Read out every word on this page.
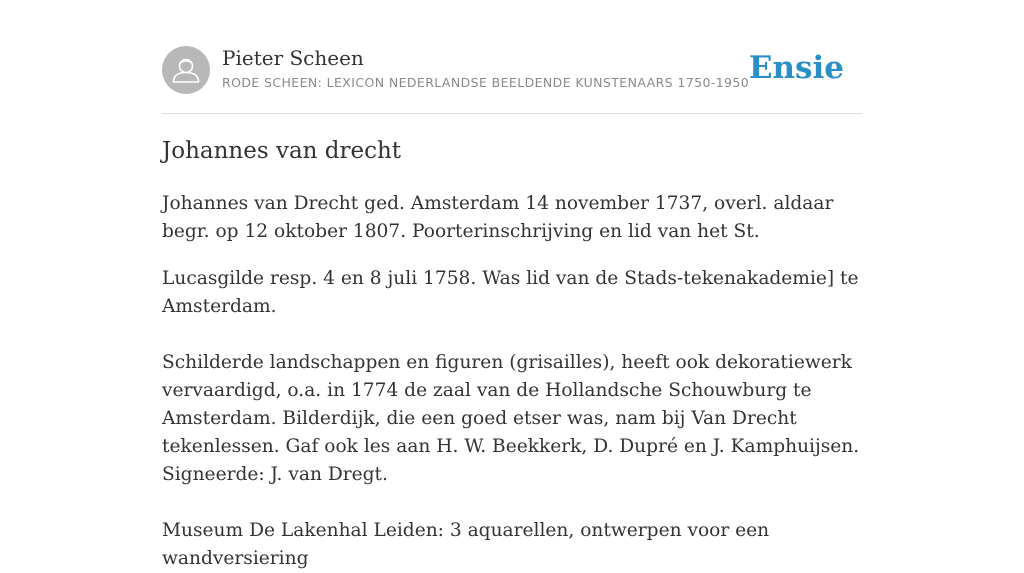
Pieter Scheen
RODE SCHEEN: LEXICON NEDERLANDSE BEELDENDE KUNSTENAARS 1750-1950 Ensie
Johannes van drecht

Johannes van Drecht ged. Amsterdam 14 november 1737, overl. aldaar begr. op 12 oktober 1807. Poorterinschrijving en lid van het St.

Lucasgilde resp. 4 en 8 juli 1758. Was lid van de Stads-tekenakademie] te Amsterdam.

Schilderde landschappen en figuren (grisailles), heeft ook dekoratiewerk vervaardigd, o.a. in 1774 de zaal van de Hollandsche Schouwburg te Amsterdam. Bilderdijk, die een goed etser was, nam bij Van Drecht tekenlessen. Gaf ook les aan H. W. Beekkerk, D. Dupré en J. Kamphuijsen. Signeerde: J. van Dregt.

Museum De Lakenhal Leiden: 3 aquarellen, ontwerpen voor een wandversiering
